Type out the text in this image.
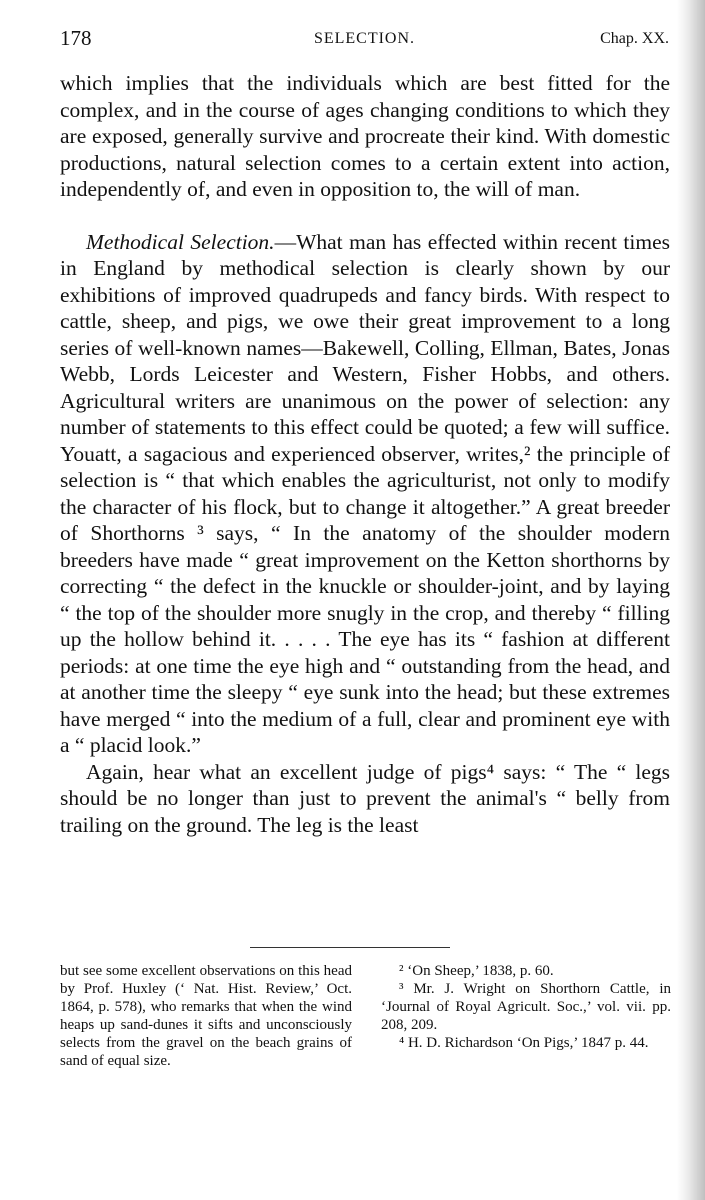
178	SELECTION.	Chap. XX.

which implies that the individuals which are best fitted for the complex, and in the course of ages changing conditions to which they are exposed, generally survive and procreate their kind. With domestic productions, natural selection comes to a certain extent into action, independently of, and even in opposition to, the will of man.

Methodical Selection.—What man has effected within recent times in England by methodical selection is clearly shown by our exhibitions of improved quadrupeds and fancy birds. With respect to cattle, sheep, and pigs, we owe their great improvement to a long series of well-known names—Bakewell, Colling, Ellman, Bates, Jonas Webb, Lords Leicester and Western, Fisher Hobbs, and others. Agricultural writers are unanimous on the power of selection: any number of statements to this effect could be quoted; a few will suffice. Youatt, a sagacious and experienced observer, writes,² the principle of selection is “ that which enables the agriculturist, not only to modify the character of his flock, but to change it altogether.” A great breeder of Shorthorns ³ says, “ In the anatomy of the shoulder modern breeders have made “ great improvement on the Ketton shorthorns by correcting “ the defect in the knuckle or shoulder-joint, and by laying “ the top of the shoulder more snugly in the crop, and thereby “ filling up the hollow behind it. . . . . The eye has its “ fashion at different periods: at one time the eye high and “ outstanding from the head, and at another time the sleepy “ eye sunk into the head; but these extremes have merged “ into the medium of a full, clear and prominent eye with a “ placid look.”

Again, hear what an excellent judge of pigs⁴ says: “ The “ legs should be no longer than just to prevent the animal's “ belly from trailing on the ground. The leg is the least

but see some excellent observations on this head by Prof. Huxley (‘ Nat. Hist. Review,’ Oct. 1864, p. 578), who remarks that when the wind heaps up sand-dunes it sifts and unconsciously selects from the gravel on the beach grains of sand of equal size.

² ‘On Sheep,’ 1838, p. 60.

³ Mr. J. Wright on Shorthorn Cattle, in ‘Journal of Royal Agricult. Soc.,’ vol. vii. pp. 208, 209.

⁴ H. D. Richardson ‘On Pigs,’ 1847 p. 44.
